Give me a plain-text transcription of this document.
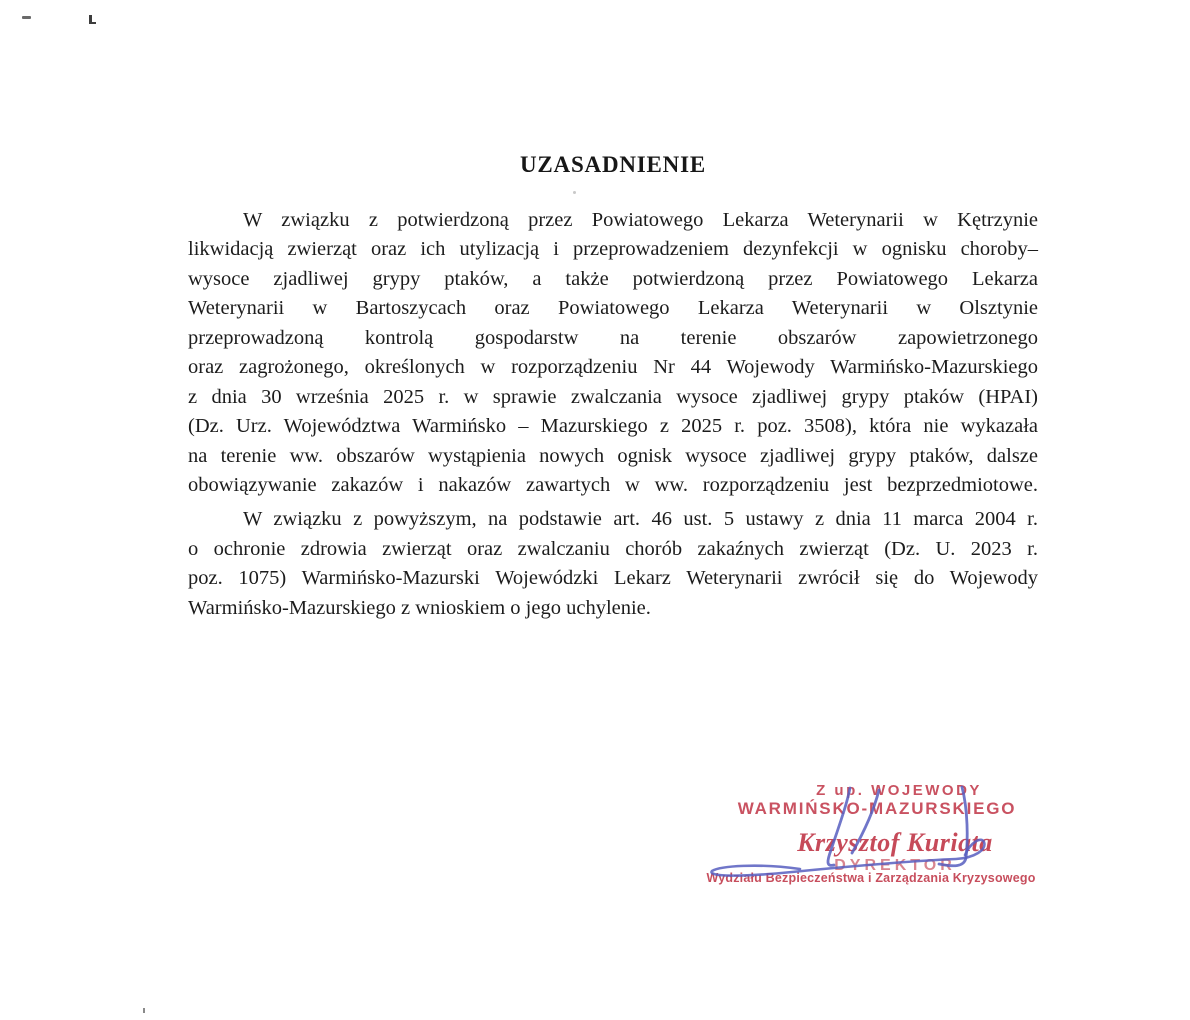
UZASADNIENIE
W związku z potwierdzoną przez Powiatowego Lekarza Weterynarii w Kętrzynie
likwidacją zwierząt oraz ich utylizacją i przeprowadzeniem dezynfekcji w ognisku choroby–
wysoce zjadliwej grypy ptaków, a także potwierdzoną przez Powiatowego Lekarza
Weterynarii w Bartoszycach oraz Powiatowego Lekarza Weterynarii w Olsztynie
przeprowadzoną kontrolą gospodarstw na terenie obszarów zapowietrzonego
oraz zagrożonego, określonych w rozporządzeniu Nr 44 Wojewody Warmińsko-Mazurskiego
z dnia 30 września 2025 r. w sprawie zwalczania wysoce zjadliwej grypy ptaków (HPAI)
(Dz. Urz. Województwa Warmińsko – Mazurskiego z 2025 r. poz. 3508), która nie wykazała
na terenie ww. obszarów wystąpienia nowych ognisk wysoce zjadliwej grypy ptaków, dalsze
obowiązywanie zakazów i nakazów zawartych w ww. rozporządzeniu jest bezprzedmiotowe.
W związku z powyższym, na podstawie art. 46 ust. 5 ustawy z dnia 11 marca 2004 r.
o ochronie zdrowia zwierząt oraz zwalczaniu chorób zakaźnych zwierząt (Dz. U. 2023 r.
poz. 1075) Warmińsko-Mazurski Wojewódzki Lekarz Weterynarii zwrócił się do Wojewody
Warmińsko-Mazurskiego z wnioskiem o jego uchylenie.
Z up. WOJEWODY
WARMIŃSKO-MAZURSKIEGO
Krzysztof Kuriata
DYREKTOR
Wydziału Bezpieczeństwa i Zarządzania Kryzysowego
